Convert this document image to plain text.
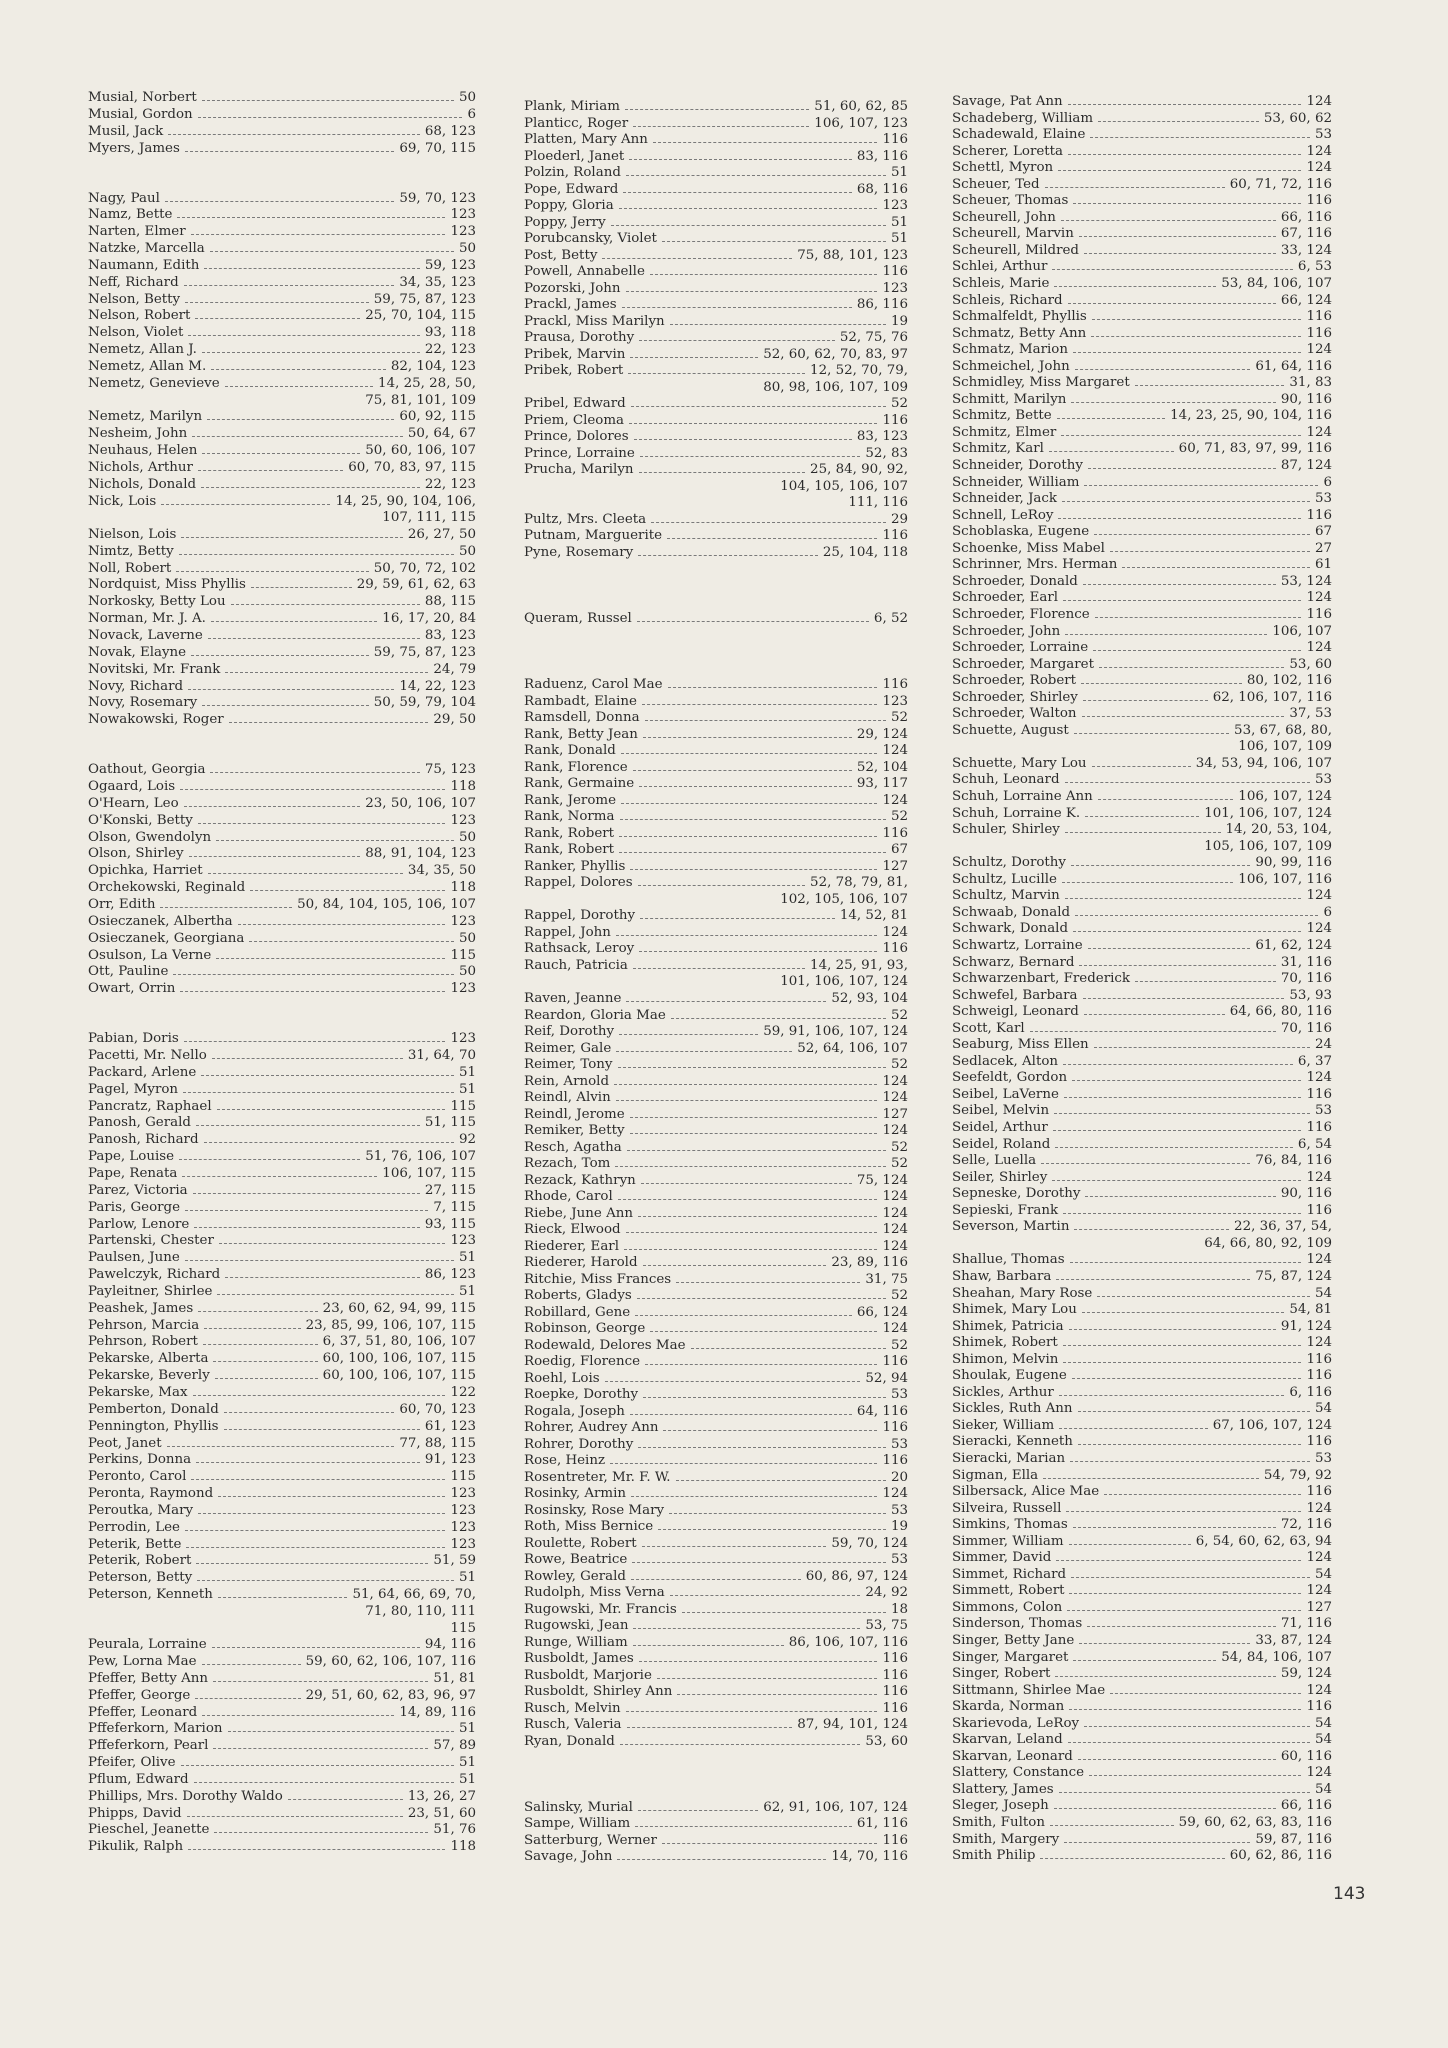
Musial, Norbert	50
Musial, Gordon	6
Musil, Jack	68, 123
Myers, James	69, 70, 115
Nagy, Paul	59, 70, 123
Namz, Bette	123
Narten, Elmer	123
Natzke, Marcella	50
Naumann, Edith	59, 123
Neff, Richard	34, 35, 123
Nelson, Betty	59, 75, 87, 123
Nelson, Robert	25, 70, 104, 115
Nelson, Violet	93, 118
Nemetz, Allan J.	22, 123
Nemetz, Allan M.	82, 104, 123
Nemetz, Genevieve	14, 25, 28, 50,
75, 81, 101, 109
Nemetz, Marilyn	60, 92, 115
Nesheim, John	50, 64, 67
Neuhaus, Helen	50, 60, 106, 107
Nichols, Arthur	60, 70, 83, 97, 115
Nichols, Donald	22, 123
Nick, Lois	14, 25, 90, 104, 106,
107, 111, 115
Nielson, Lois	26, 27, 50
Nimtz, Betty	50
Noll, Robert	50, 70, 72, 102
Nordquist, Miss Phyllis	29, 59, 61, 62, 63
Norkosky, Betty Lou	88, 115
Norman, Mr. J. A.	16, 17, 20, 84
Novack, Laverne	83, 123
Novak, Elayne	59, 75, 87, 123
Novitski, Mr. Frank	24, 79
Novy, Richard	14, 22, 123
Novy, Rosemary	50, 59, 79, 104
Nowakowski, Roger	29, 50
Oathout, Georgia	75, 123
Ogaard, Lois	118
O'Hearn, Leo	23, 50, 106, 107
O'Konski, Betty	123
Olson, Gwendolyn	50
Olson, Shirley	88, 91, 104, 123
Opichka, Harriet	34, 35, 50
Orchekowski, Reginald	118
Orr, Edith	50, 84, 104, 105, 106, 107
Osieczanek, Albertha	123
Osieczanek, Georgiana	50
Osulson, La Verne	115
Ott, Pauline	50
Owart, Orrin	123
Pabian, Doris	123
Pacetti, Mr. Nello	31, 64, 70
Packard, Arlene	51
Pagel, Myron	51
Pancratz, Raphael	115
Panosh, Gerald	51, 115
Panosh, Richard	92
Pape, Louise	51, 76, 106, 107
Pape, Renata	106, 107, 115
Parez, Victoria	27, 115
Paris, George	7, 115
Parlow, Lenore	93, 115
Partenski, Chester	123
Paulsen, June	51
Pawelczyk, Richard	86, 123
Payleitner, Shirlee	51
Peashek, James	23, 60, 62, 94, 99, 115
Pehrson, Marcia	23, 85, 99, 106, 107, 115
Pehrson, Robert	6, 37, 51, 80, 106, 107
Pekarske, Alberta	60, 100, 106, 107, 115
Pekarske, Beverly	60, 100, 106, 107, 115
Pekarske, Max	122
Pemberton, Donald	60, 70, 123
Pennington, Phyllis	61, 123
Peot, Janet	77, 88, 115
Perkins, Donna	91, 123
Peronto, Carol	115
Peronta, Raymond	123
Peroutka, Mary	123
Perrodin, Lee	123
Peterik, Bette	123
Peterik, Robert	51, 59
Peterson, Betty	51
Peterson, Kenneth	51, 64, 66, 69, 70,
71, 80, 110, 111
115
Peurala, Lorraine	94, 116
Pew, Lorna Mae	59, 60, 62, 106, 107, 116
Pfeffer, Betty Ann	51, 81
Pfeffer, George	29, 51, 60, 62, 83, 96, 97
Pfeffer, Leonard	14, 89, 116
Pffeferkorn, Marion	51
Pffeferkorn, Pearl	57, 89
Pfeifer, Olive	51
Pflum, Edward	51
Phillips, Mrs. Dorothy Waldo	13, 26, 27
Phipps, David	23, 51, 60
Pieschel, Jeanette	51, 76
Pikulik, Ralph	118
Plank, Miriam	51, 60, 62, 85
Planticc, Roger	106, 107, 123
Platten, Mary Ann	116
Ploederl, Janet	83, 116
Polzin, Roland	51
Pope, Edward	68, 116
Poppy, Gloria	123
Poppy, Jerry	51
Porubcansky, Violet	51
Post, Betty	75, 88, 101, 123
Powell, Annabelle	116
Pozorski, John	123
Prackl, James	86, 116
Prackl, Miss Marilyn	19
Prausa, Dorothy	52, 75, 76
Pribek, Marvin	52, 60, 62, 70, 83, 97
Pribek, Robert	12, 52, 70, 79,
80, 98, 106, 107, 109
Pribel, Edward	52
Priem, Cleoma	116
Prince, Dolores	83, 123
Prince, Lorraine	52, 83
Prucha, Marilyn	25, 84, 90, 92,
104, 105, 106, 107
111, 116
Pultz, Mrs. Cleeta	29
Putnam, Marguerite	116
Pyne, Rosemary	25, 104, 118
Queram, Russel	6, 52
Raduenz, Carol Mae	116
Rambadt, Elaine	123
Ramsdell, Donna	52
Rank, Betty Jean	29, 124
Rank, Donald	124
Rank, Florence	52, 104
Rank, Germaine	93, 117
Rank, Jerome	124
Rank, Norma	52
Rank, Robert	116
Rank, Robert	67
Ranker, Phyllis	127
Rappel, Dolores	52, 78, 79, 81,
102, 105, 106, 107
Rappel, Dorothy	14, 52, 81
Rappel, John	124
Rathsack, Leroy	116
Rauch, Patricia	14, 25, 91, 93,
101, 106, 107, 124
Raven, Jeanne	52, 93, 104
Reardon, Gloria Mae	52
Reif, Dorothy	59, 91, 106, 107, 124
Reimer, Gale	52, 64, 106, 107
Reimer, Tony	52
Rein, Arnold	124
Reindl, Alvin	124
Reindl, Jerome	127
Remiker, Betty	124
Resch, Agatha	52
Rezach, Tom	52
Rezack, Kathryn	75, 124
Rhode, Carol	124
Riebe, June Ann	124
Rieck, Elwood	124
Riederer, Earl	124
Riederer, Harold	23, 89, 116
Ritchie, Miss Frances	31, 75
Roberts, Gladys	52
Robillard, Gene	66, 124
Robinson, George	124
Rodewald, Delores Mae	52
Roedig, Florence	116
Roehl, Lois	52, 94
Roepke, Dorothy	53
Rogala, Joseph	64, 116
Rohrer, Audrey Ann	116
Rohrer, Dorothy	53
Rose, Heinz	116
Rosentreter, Mr. F. W.	20
Rosinky, Armin	124
Rosinsky, Rose Mary	53
Roth, Miss Bernice	19
Roulette, Robert	59, 70, 124
Rowe, Beatrice	53
Rowley, Gerald	60, 86, 97, 124
Rudolph, Miss Verna	24, 92
Rugowski, Mr. Francis	18
Rugowski, Jean	53, 75
Runge, William	86, 106, 107, 116
Rusboldt, James	116
Rusboldt, Marjorie	116
Rusboldt, Shirley Ann	116
Rusch, Melvin	116
Rusch, Valeria	87, 94, 101, 124
Ryan, Donald	53, 60
Salinsky, Murial	62, 91, 106, 107, 124
Sampe, William	61, 116
Satterburg, Werner	116
Savage, John	14, 70, 116
Savage, Pat Ann	124
Schadeberg, William	53, 60, 62
Schadewald, Elaine	53
Scherer, Loretta	124
Schettl, Myron	124
Scheuer, Ted	60, 71, 72, 116
Scheuer, Thomas	116
Scheurell, John	66, 116
Scheurell, Marvin	67, 116
Scheurell, Mildred	33, 124
Schlei, Arthur	6, 53
Schleis, Marie	53, 84, 106, 107
Schleis, Richard	66, 124
Schmalfeldt, Phyllis	116
Schmatz, Betty Ann	116
Schmatz, Marion	124
Schmeichel, John	61, 64, 116
Schmidley, Miss Margaret	31, 83
Schmitt, Marilyn	90, 116
Schmitz, Bette	14, 23, 25, 90, 104, 116
Schmitz, Elmer	124
Schmitz, Karl	60, 71, 83, 97, 99, 116
Schneider, Dorothy	87, 124
Schneider, William	6
Schneider, Jack	53
Schnell, LeRoy	116
Schoblaska, Eugene	67
Schoenke, Miss Mabel	27
Schrinner, Mrs. Herman	61
Schroeder, Donald	53, 124
Schroeder, Earl	124
Schroeder, Florence	116
Schroeder, John	106, 107
Schroeder, Lorraine	124
Schroeder, Margaret	53, 60
Schroeder, Robert	80, 102, 116
Schroeder, Shirley	62, 106, 107, 116
Schroeder, Walton	37, 53
Schuette, August	53, 67, 68, 80,
106, 107, 109
Schuette, Mary Lou	34, 53, 94, 106, 107
Schuh, Leonard	53
Schuh, Lorraine Ann	106, 107, 124
Schuh, Lorraine K.	101, 106, 107, 124
Schuler, Shirley	14, 20, 53, 104,
105, 106, 107, 109
Schultz, Dorothy	90, 99, 116
Schultz, Lucille	106, 107, 116
Schultz, Marvin	124
Schwaab, Donald	6
Schwark, Donald	124
Schwartz, Lorraine	61, 62, 124
Schwarz, Bernard	31, 116
Schwarzenbart, Frederick	70, 116
Schwefel, Barbara	53, 93
Schweigl, Leonard	64, 66, 80, 116
Scott, Karl	70, 116
Seaburg, Miss Ellen	24
Sedlacek, Alton	6, 37
Seefeldt, Gordon	124
Seibel, LaVerne	116
Seibel, Melvin	53
Seidel, Arthur	116
Seidel, Roland	6, 54
Selle, Luella	76, 84, 116
Seiler, Shirley	124
Sepneske, Dorothy	90, 116
Sepieski, Frank	116
Severson, Martin	22, 36, 37, 54,
64, 66, 80, 92, 109
Shallue, Thomas	124
Shaw, Barbara	75, 87, 124
Sheahan, Mary Rose	54
Shimek, Mary Lou	54, 81
Shimek, Patricia	91, 124
Shimek, Robert	124
Shimon, Melvin	116
Shoulak, Eugene	116
Sickles, Arthur	6, 116
Sickles, Ruth Ann	54
Sieker, William	67, 106, 107, 124
Sieracki, Kenneth	116
Sieracki, Marian	53
Sigman, Ella	54, 79, 92
Silbersack, Alice Mae	116
Silveira, Russell	124
Simkins, Thomas	72, 116
Simmer, William	6, 54, 60, 62, 63, 94
Simmer, David	124
Simmet, Richard	54
Simmett, Robert	124
Simmons, Colon	127
Sinderson, Thomas	71, 116
Singer, Betty Jane	33, 87, 124
Singer, Margaret	54, 84, 106, 107
Singer, Robert	59, 124
Sittmann, Shirlee Mae	124
Skarda, Norman	116
Skarievoda, LeRoy	54
Skarvan, Leland	54
Skarvan, Leonard	60, 116
Slattery, Constance	124
Slattery, James	54
Sleger, Joseph	66, 116
Smith, Fulton	59, 60, 62, 63, 83, 116
Smith, Margery	59, 87, 116
Smith Philip	60, 62, 86, 116
143
